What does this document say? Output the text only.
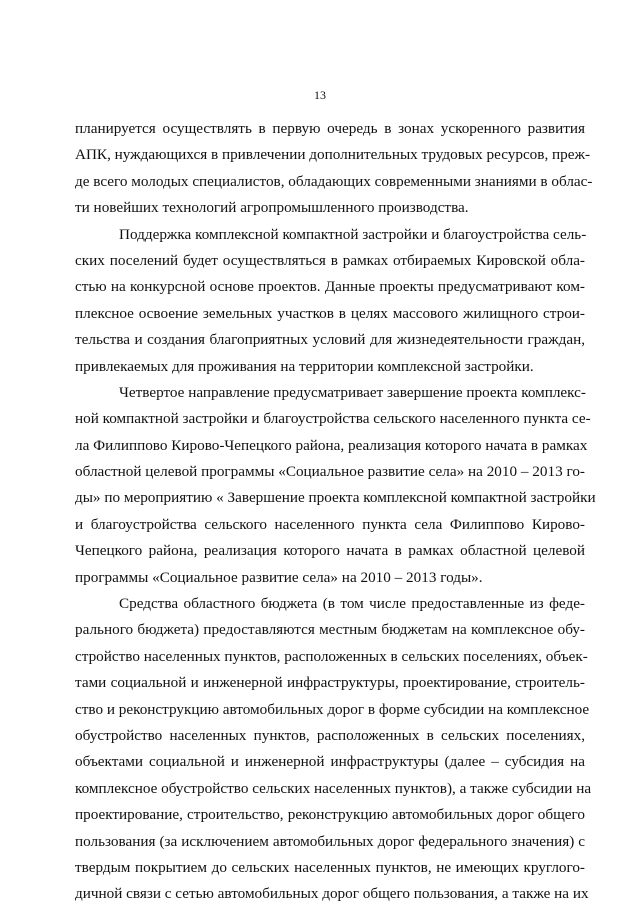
13
планируется осуществлять в первую очередь в зонах ускоренного развития
АПК, нуждающихся в привлечении дополнительных трудовых ресурсов, преж-
де всего молодых специалистов, обладающих современными знаниями в облас-
ти новейших технологий агропромышленного производства.
Поддержка комплексной компактной застройки и благоустройства сель-
ских поселений будет осуществляться в рамках отбираемых Кировской обла-
стью на конкурсной основе проектов. Данные проекты предусматривают ком-
плексное освоение земельных участков в целях массового жилищного строи-
тельства и создания благоприятных условий для жизнедеятельности граждан,
привлекаемых для проживания на территории комплексной застройки.
Четвертое направление предусматривает завершение проекта комплекс-
ной компактной застройки и благоустройства сельского населенного пункта се-
ла Филиппово Кирово-Чепецкого района, реализация которого начата в рамках
областной целевой программы «Социальное развитие села» на 2010 – 2013 го-
ды» по мероприятию « Завершение проекта комплексной компактной застройки
и благоустройства сельского населенного пункта села Филиппово Кирово-
Чепецкого района, реализация которого начата в рамках областной целевой
программы «Социальное развитие села» на 2010 – 2013 годы».
Средства областного бюджета (в том числе предоставленные из феде-
рального бюджета) предоставляются местным бюджетам на комплексное обу-
стройство населенных пунктов, расположенных в сельских поселениях, объек-
тами социальной и инженерной инфраструктуры, проектирование, строитель-
ство и реконструкцию автомобильных дорог в форме субсидии на комплексное
обустройство населенных пунктов, расположенных в сельских поселениях,
объектами социальной и инженерной инфраструктуры (далее – субсидия на
комплексное обустройство сельских населенных пунктов), а также субсидии на
проектирование, строительство, реконструкцию автомобильных дорог общего
пользования (за исключением автомобильных дорог федерального значения) с
твердым покрытием до сельских населенных пунктов, не имеющих круглого-
дичной связи с сетью автомобильных дорог общего пользования, а также на их
